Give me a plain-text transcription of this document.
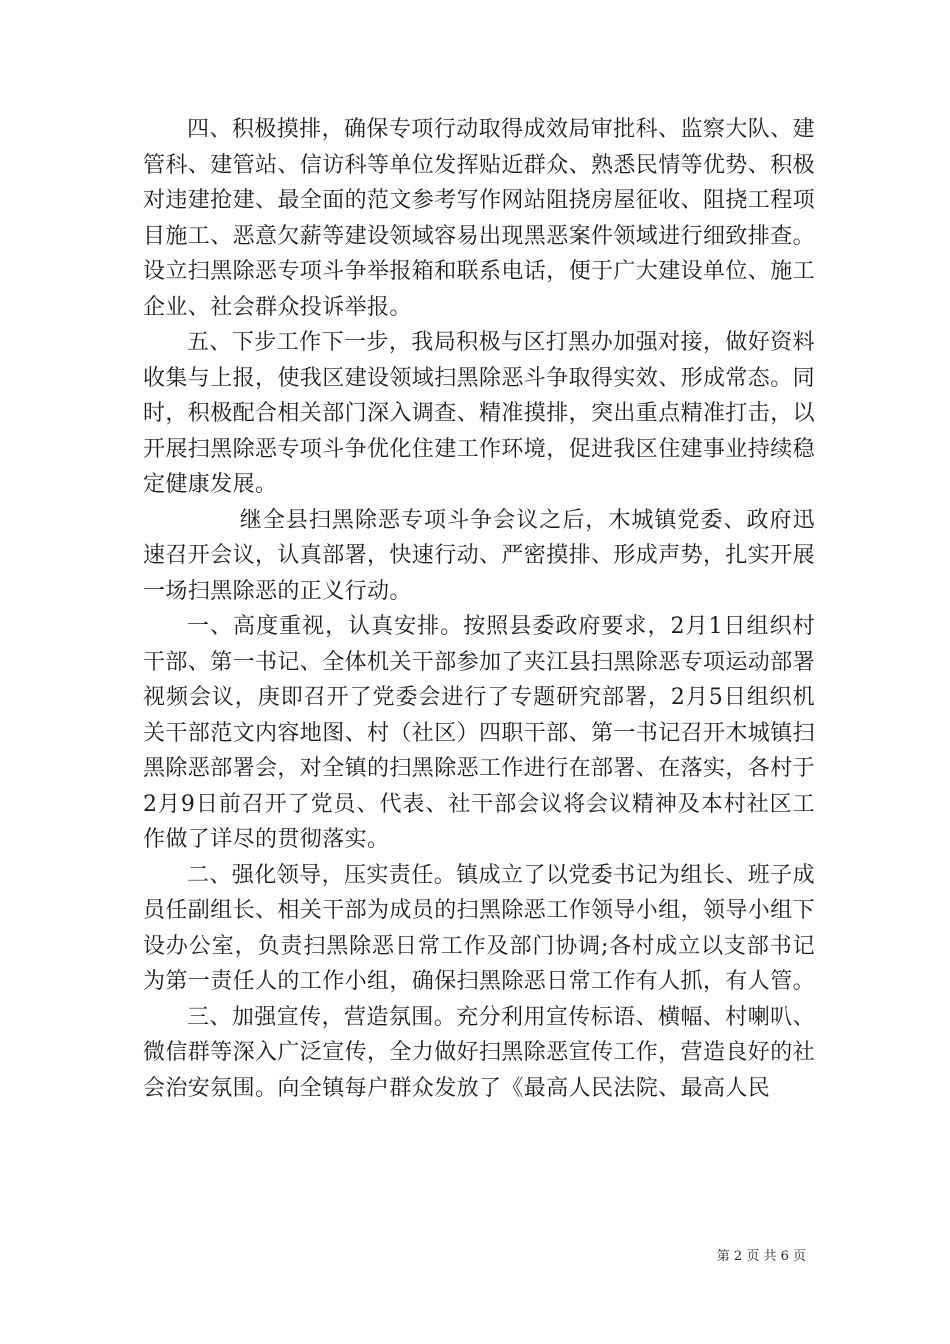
四、积极摸排，确保专项行动取得成效局审批科、监察大队、建管科、建管站、信访科等单位发挥贴近群众、熟悉民情等优势、积极对违建抢建、最全面的范文参考写作网站阻挠房屋征收、阻挠工程项目施工、恶意欠薪等建设领域容易出现黑恶案件领域进行细致排查。设立扫黑除恶专项斗争举报箱和联系电话，便于广大建设单位、施工企业、社会群众投诉举报。

五、下步工作下一步，我局积极与区打黑办加强对接，做好资料收集与上报，使我区建设领域扫黑除恶斗争取得实效、形成常态。同时，积极配合相关部门深入调查、精准摸排，突出重点精准打击，以开展扫黑除恶专项斗争优化住建工作环境，促进我区住建事业持续稳定健康发展。

继全县扫黑除恶专项斗争会议之后，木城镇党委、政府迅速召开会议，认真部署，快速行动、严密摸排、形成声势，扎实开展一场扫黑除恶的正义行动。

一、高度重视，认真安排。按照县委政府要求，2月1日组织村干部、第一书记、全体机关干部参加了夹江县扫黑除恶专项运动部署视频会议，庚即召开了党委会进行了专题研究部署，2月5日组织机关干部范文内容地图、村（社区）四职干部、第一书记召开木城镇扫黑除恶部署会，对全镇的扫黑除恶工作进行在部署、在落实，各村于2月9日前召开了党员、代表、社干部会议将会议精神及本村社区工作做了详尽的贯彻落实。

二、强化领导，压实责任。镇成立了以党委书记为组长、班子成员任副组长、相关干部为成员的扫黑除恶工作领导小组，领导小组下设办公室，负责扫黑除恶日常工作及部门协调;各村成立以支部书记为第一责任人的工作小组，确保扫黑除恶日常工作有人抓，有人管。

三、加强宣传，营造氛围。充分利用宣传标语、横幅、村喇叭、微信群等深入广泛宣传，全力做好扫黑除恶宣传工作，营造良好的社会治安氛围。向全镇每户群众发放了《最高人民法院、最高人民

第 2 页 共 6 页
